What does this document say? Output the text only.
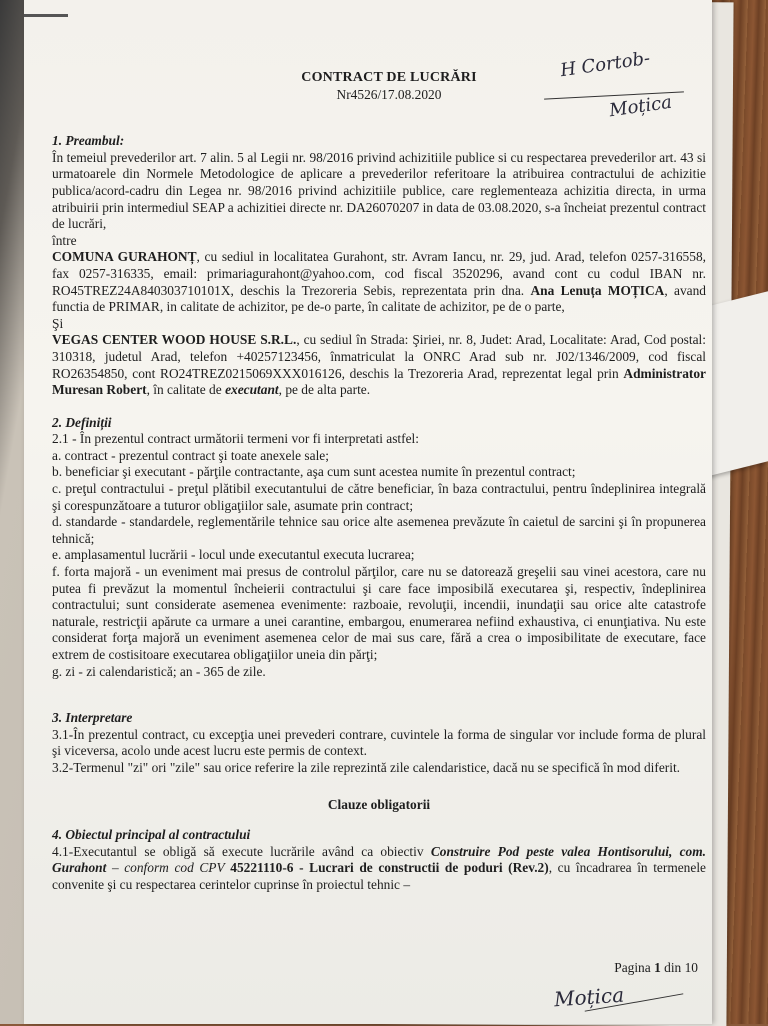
H Cortob-
Moțica
CONTRACT DE LUCRĂRI
Nr4526/17.08.2020
1. Preambul:

În temeiul prevederilor art. 7 alin. 5 al Legii nr. 98/2016 privind achizitiile publice si cu respectarea prevederilor art. 43 si urmatoarele din Normele Metodologice de aplicare a prevederilor referitoare la atribuirea contractului de achizitie publica/acord-cadru din Legea nr. 98/2016 privind achizitiile publice, care reglementeaza achizitia directa, in urma atribuirii prin intermediul SEAP a achizitiei directe nr. DA26070207 in data de 03.08.2020, s-a încheiat prezentul contract de lucrări,

între

COMUNA GURAHONȚ, cu sediul in localitatea Gurahont, str. Avram Iancu, nr. 29, jud. Arad, telefon 0257-316558, fax 0257-316335, email: primariagurahont@yahoo.com, cod fiscal 3520296, avand cont cu codul IBAN nr. RO45TREZ24A840303710101X, deschis la Trezoreria Sebis, reprezentata prin dna. Ana Lenuța MOȚICA, avand functia de PRIMAR, in calitate de achizitor, pe de-o parte, în calitate de achizitor, pe de o parte,

Şi

VEGAS CENTER WOOD HOUSE S.R.L., cu sediul în Strada: Şiriei, nr. 8, Judet: Arad, Localitate: Arad, Cod postal: 310318, judetul Arad, telefon +40257123456, înmatriculat la ONRC Arad sub nr. J02/1346/2009, cod fiscal RO26354850, cont RO24TREZ0215069XXX016126, deschis la Trezoreria Arad, reprezentat legal prin Administrator Muresan Robert, în calitate de executant, pe de alta parte.

2. Definiții

2.1 - În prezentul contract următorii termeni vor fi interpretati astfel:

a. contract - prezentul contract şi toate anexele sale;

b. beneficiar şi executant - părţile contractante, aşa cum sunt acestea numite în prezentul contract;

c. preţul contractului - preţul plătibil executantului de către beneficiar, în baza contractului, pentru îndeplinirea integrală şi corespunzătoare a tuturor obligaţiilor sale, asumate prin contract;

d. standarde - standardele, reglementările tehnice sau orice alte asemenea prevăzute în caietul de sarcini şi în propunerea tehnică;

e. amplasamentul lucrării - locul unde executantul executa lucrarea;

f. forta majoră - un eveniment mai presus de controlul părţilor, care nu se datorează greşelii sau vinei acestora, care nu putea fi prevăzut la momentul încheierii contractului şi care face imposibilă executarea şi, respectiv, îndeplinirea contractului; sunt considerate asemenea evenimente: razboaie, revoluţii, incendii, inundaţii sau orice alte catastrofe naturale, restricţii apărute ca urmare a unei carantine, embargou, enumerarea nefiind exhaustiva, ci enunţiativa. Nu este considerat forţa majoră un eveniment asemenea celor de mai sus care, fără a crea o imposibilitate de executare, face extrem de costisitoare executarea obligaţiilor uneia din părţi;

g. zi - zi calendaristică; an - 365 de zile.

3. Interpretare

3.1-În prezentul contract, cu excepţia unei prevederi contrare, cuvintele la forma de singular vor include forma de plural şi viceversa, acolo unde acest lucru este permis de context.

3.2-Termenul "zi" ori "zile" sau orice referire la zile reprezintă zile calendaristice, dacă nu se specifică în mod diferit.

Clauze obligatorii
4. Obiectul principal al contractului

4.1-Executantul se obligă să execute lucrările având ca obiectiv Construire Pod peste valea Hontisorului, com. Gurahont – conform cod CPV 45221110-6 - Lucrari de constructii de poduri (Rev.2), cu încadrarea în termenele convenite şi cu respectarea cerintelor cuprinse în proiectul tehnic –

Pagina 1 din 10
Moțica
